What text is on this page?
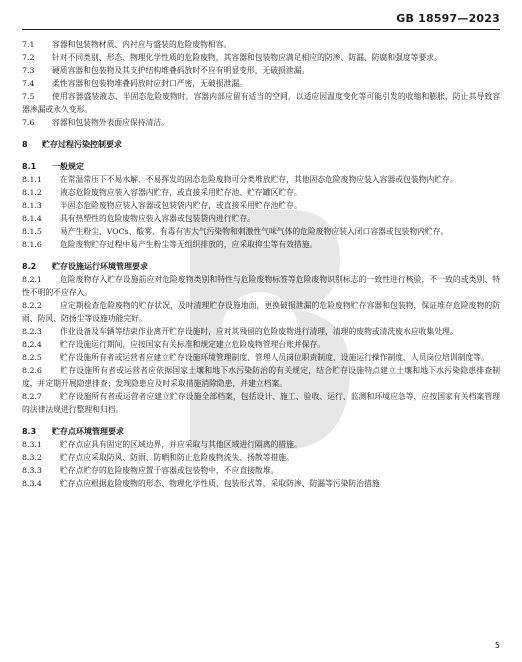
GB 18597—2023

7.1 容器和包装物材质、内衬应与盛装的危险废物相容。

7.2 针对不同类别、形态、物理化学性质的危险废物，其容器和包装物应满足相应的防渗、防漏、防腐和强度等要求。

7.3 硬质容器和包装物及其支护结构堆叠码放时不应有明显变形，无破损泄漏。

7.4 柔性容器和包装物堆叠码放时应封口严密，无破损泄漏。

7.5 使用容器盛装液态、半固态危险废物时，容器内部应留有适当的空间，以适应因温度变化等可能引发的收缩和膨胀，防止其导致容器渗漏或永久变形。

7.6 容器和包装物外表面应保持清洁。

8 贮存过程污染控制要求

8.1 一般规定

8.1.1 在常温常压下不易水解、不易挥发的固态危险废物可分类堆放贮存，其他固态危险废物应装入容器或包装物内贮存。

8.1.2 液态危险废物应装入容器内贮存，或直接采用贮存池、贮存罐区贮存。

8.1.3 半固态危险废物应装入容器或包装袋内贮存，或直接采用贮存池贮存。

8.1.4 具有热塑性的危险废物应装入容器或包装袋内进行贮存。

8.1.5 易产生粉尘、VOCs、酸雾、有毒有害大气污染物和刺激性气味气体的危险废物应装入闭口容器或包装物内贮存。

8.1.6 危险废物贮存过程中易产生粉尘等无组织排放的，应采取抑尘等有效措施。

8.2 贮存设施运行环境管理要求

8.2.1 危险废物存入贮存设施前应对危险废物类别和特性与危险废物标签等危险废物识别标志的一致性进行核验，不一致的或类别、特性不明的不应存入。

8.2.2 应定期检查危险废物的贮存状况，及时清理贮存设施地面，更换破损泄漏的危险废物贮存容器和包装物，保证堆存危险废物的防雨、防风、防扬尘等设施功能完好。

8.2.3 作业设备及车辆等结束作业离开贮存设施时，应对其残留的危险废物进行清理，清理的废物或清洗废水应收集处理。

8.2.4 贮存设施运行期间，应按国家有关标准和规定建立危险废物管理台账并保存。

8.2.5 贮存设施所有者或运营者应建立贮存设施环境管理制度、管理人员岗位职责制度、设施运行操作制度、人员岗位培训制度等。

8.2.6 贮存设施所有者或运营者应依据国家土壤和地下水污染防治的有关规定，结合贮存设施特点建立土壤和地下水污染隐患排查制度，并定期开展隐患排查；发现隐患应及时采取措施消除隐患，并建立档案。

8.2.7 贮存设施所有者或运营者应建立贮存设施全部档案，包括设计、施工、验收、运行、监测和环境应急等，应按国家有关档案管理的法律法规进行整理和归档。

8.3 贮存点环境管理要求

8.3.1 贮存点应具有固定的区域边界，并应采取与其他区域进行隔离的措施。

8.3.2 贮存点应采取防风、防雨、防晒和防止危险废物流失、扬散等措施。

8.3.3 贮存点贮存的危险废物应置于容器或包装物中，不应直接散堆。

8.3.4 贮存点应根据危险废物的形态、物理化学性质、包装形式等，采取防渗、防漏等污染防治措施

5
